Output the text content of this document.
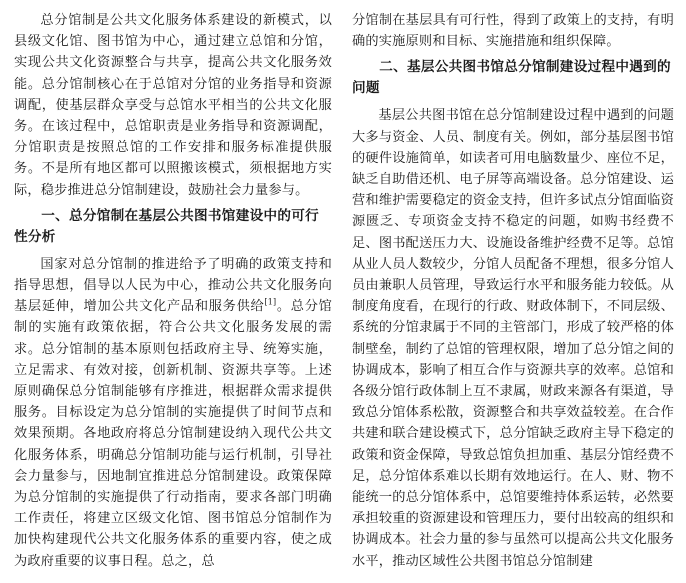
总分馆制是公共文化服务体系建设的新模式，以县级文化馆、图书馆为中心，通过建立总馆和分馆，实现公共文化资源整合与共享，提高公共文化服务效能。总分馆制核心在于总馆对分馆的业务指导和资源调配，使基层群众享受与总馆水平相当的公共文化服务。在该过程中，总馆职责是业务指导和资源调配，分馆职责是按照总馆的工作安排和服务标准提供服务。不是所有地区都可以照搬该模式，须根据地方实际，稳步推进总分馆制建设，鼓励社会力量参与。

一、总分馆制在基层公共图书馆建设中的可行性分析

国家对总分馆制的推进给予了明确的政策支持和指导思想，倡导以人民为中心，推动公共文化服务向基层延伸，增加公共文化产品和服务供给[1]。总分馆制的实施有政策依据，符合公共文化服务发展的需求。总分馆制的基本原则包括政府主导、统筹实施，立足需求、有效对接，创新机制、资源共享等。上述原则确保总分馆制能够有序推进，根据群众需求提供服务。目标设定为总分馆制的实施提供了时间节点和效果预期。各地政府将总分馆制建设纳入现代公共文化服务体系，明确总分馆制功能与运行机制，引导社会力量参与，因地制宜推进总分馆制建设。政策保障为总分馆制的实施提供了行动指南，要求各部门明确工作责任，将建立区级文化馆、图书馆总分馆制作为加快构建现代公共文化服务体系的重要内容，使之成为政府重要的议事日程。总之，总

分馆制在基层具有可行性，得到了政策上的支持，有明确的实施原则和目标、实施措施和组织保障。

二、基层公共图书馆总分馆制建设过程中遇到的问题

基层公共图书馆在总分馆制建设过程中遇到的问题大多与资金、人员、制度有关。例如，部分基层图书馆的硬件设施简单，如读者可用电脑数量少、座位不足，缺乏自助借还机、电子屏等高端设备。总分馆建设、运营和维护需要稳定的资金支持，但许多试点分馆面临资源匮乏、专项资金支持不稳定的问题，如购书经费不足、图书配送压力大、设施设备维护经费不足等。总馆从业人员人数较少，分馆人员配备不理想，很多分馆人员由兼职人员管理，导致运行水平和服务能力较低。从制度角度看，在现行的行政、财政体制下，不同层级、系统的分馆隶属于不同的主管部门，形成了较严格的体制壁垒，制约了总馆的管理权限，增加了总分馆之间的协调成本，影响了相互合作与资源共享的效率。总馆和各级分馆行政体制上互不隶属，财政来源各有渠道，导致总分馆体系松散，资源整合和共享效益较差。在合作共建和联合建设模式下，总分馆缺乏政府主导下稳定的政策和资金保障，导致总馆负担加重、基层分馆经费不足，总分馆体系难以长期有效地运行。在人、财、物不能统一的总分馆体系中，总馆要维持体系运转，必然要承担较重的资源建设和管理压力，要付出较高的组织和协调成本。社会力量的参与虽然可以提高公共文化服务水平，推动区域性公共图书馆总分馆制建
